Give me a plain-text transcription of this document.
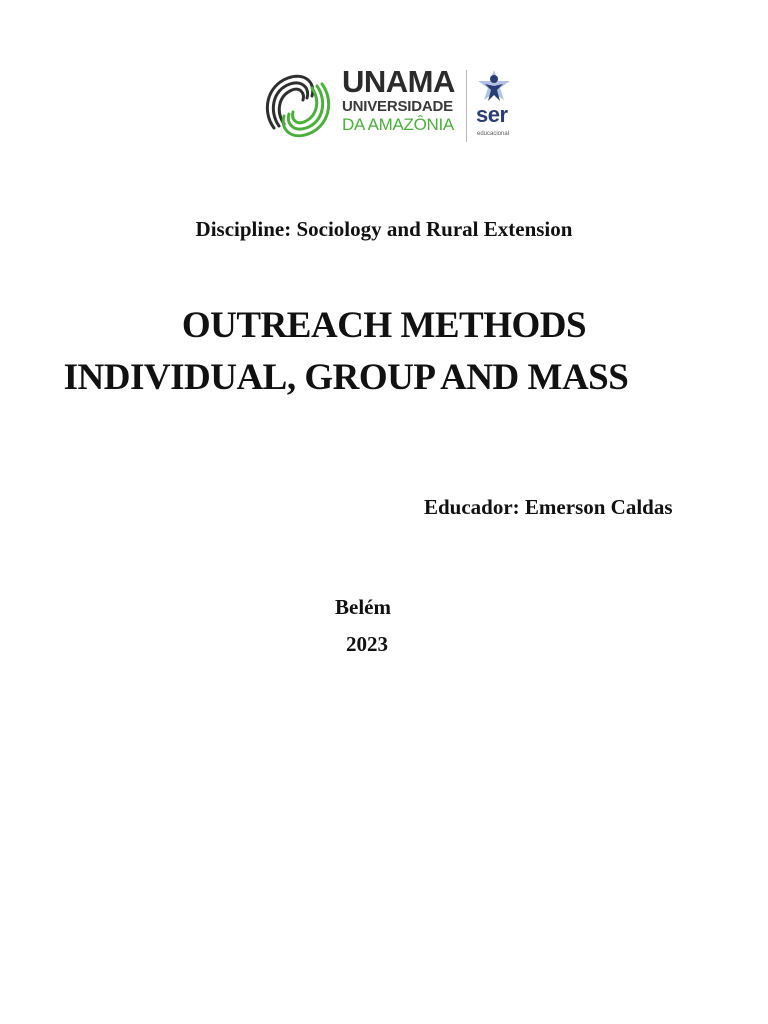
UNAMA
UNIVERSIDADE
DA AMAZÔNIA	ser
educacional
Discipline: Sociology and Rural Extension
OUTREACH METHODS
INDIVIDUAL, GROUP AND MASS
Educador: Emerson Caldas
Belém
2023
